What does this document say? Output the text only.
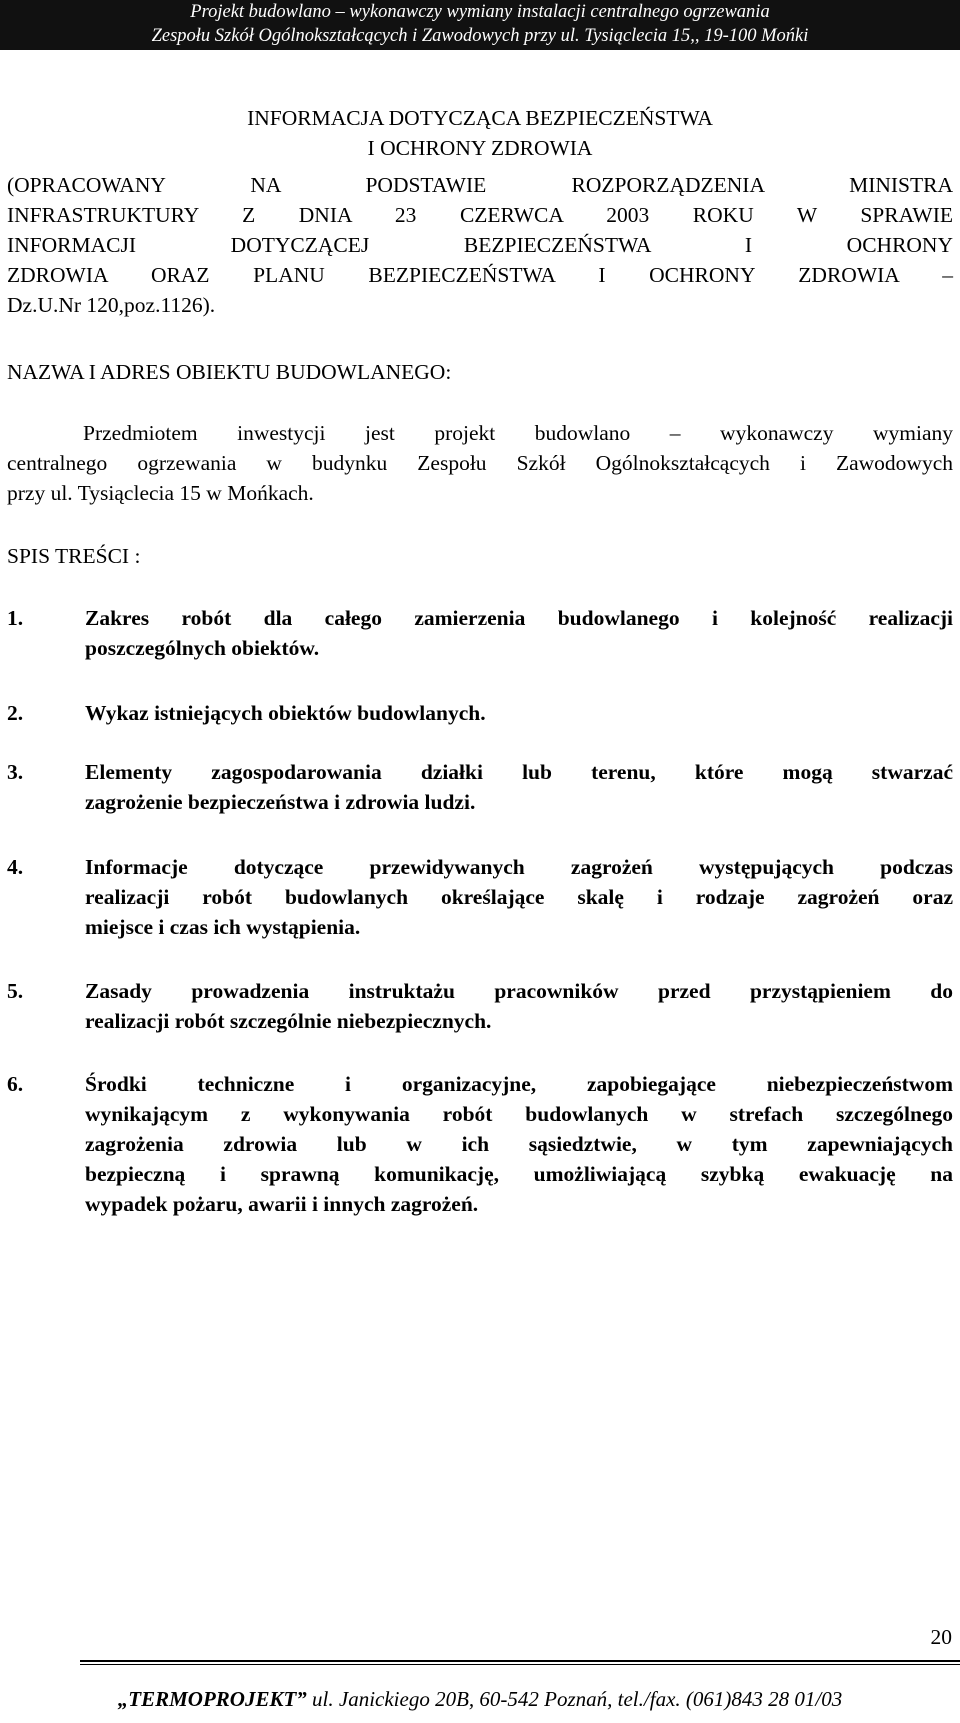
Projekt budowlano – wykonawczy wymiany instalacji centralnego ogrzewania
Zespołu Szkół Ogólnokształcących i Zawodowych przy ul. Tysiąclecia 15,, 19-100 Mońki
INFORMACJA DOTYCZĄCA BEZPIECZEŃSTWA
I OCHRONY ZDROWIA
(OPRACOWANY NA PODSTAWIE ROZPORZĄDZENIA MINISTRA
INFRASTRUKTURY Z DNIA 23 CZERWCA 2003 ROKU W SPRAWIE
INFORMACJI DOTYCZĄCEJ BEZPIECZEŃSTWA I OCHRONY
ZDROWIA ORAZ PLANU BEZPIECZEŃSTWA I OCHRONY ZDROWIA –
Dz.U.Nr 120,poz.1126).
NAZWA I ADRES OBIEKTU BUDOWLANEGO:
Przedmiotem inwestycji jest projekt budowlano – wykonawczy wymiany
centralnego ogrzewania w budynku Zespołu Szkół Ogólnokształcących i Zawodowych
przy ul. Tysiąclecia 15 w Mońkach.
SPIS TREŚCI :
1.	Zakres robót dla całego zamierzenia budowlanego i kolejność realizacji
poszczególnych obiektów.
2.	Wykaz istniejących obiektów budowlanych.
3.	Elementy zagospodarowania działki lub terenu, które mogą stwarzać
zagrożenie bezpieczeństwa i zdrowia ludzi.
4.	Informacje dotyczące przewidywanych zagrożeń występujących podczas
realizacji robót budowlanych określające skalę i rodzaje zagrożeń oraz
miejsce i czas ich wystąpienia.
5.	Zasady prowadzenia instruktażu pracowników przed przystąpieniem do
realizacji robót szczególnie niebezpiecznych.
6.	Środki techniczne i organizacyjne, zapobiegające niebezpieczeństwom
wynikającym z wykonywania robót budowlanych w strefach szczególnego
zagrożenia zdrowia lub w ich sąsiedztwie, w tym zapewniających
bezpieczną i sprawną komunikację, umożliwiającą szybką ewakuację na
wypadek pożaru, awarii i innych zagrożeń.
20
„TERMOPROJEKT” ul. Janickiego 20B, 60-542 Poznań, tel./fax. (061)843 28 01/03
